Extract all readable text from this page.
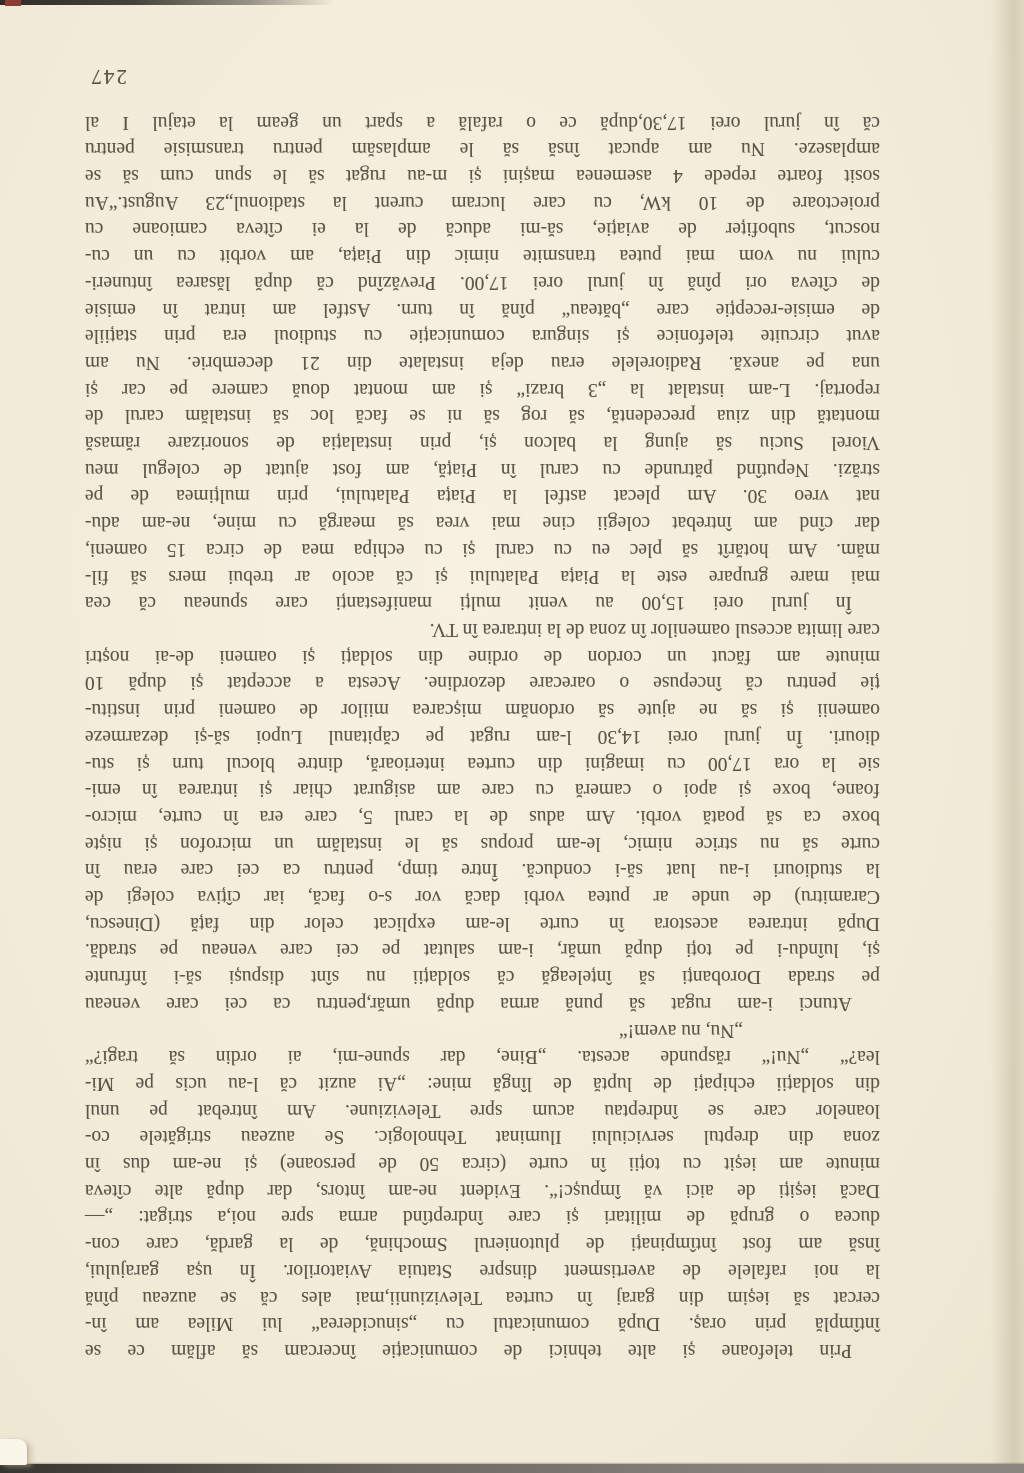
Prin telefoane și alte tehnici de comunicație încercam să aflăm ce se
întîmplă prin oraș. După comunicatul cu „sinuciderea“ lui Milea am în-
cercat să ieșim din garaj în curtea Televiziunii,mai ales că se auzeau pînă
la noi rafalele de avertisment dinspre Statuia Aviatorilor. În ușa garajului,
însă am fost întîmpinați de plutonierul Smochină, de la gardă, care con-
ducea o grupă de militari și care îndreptînd arma spre noi,a strigat: „—
Dacă ieșiți de aici vă împușc!“. Evident ne-am întors, dar după alte cîteva
minute am ieșit cu toții în curte (circa 50 de persoane) și ne-am dus în
zona din dreptul serviciului Iluminat Tehnologic. Se auzeau strigătele co-
loanelor care se îndreptau acum spre Televiziune. Am întrebat pe unul
din soldații echipați de luptă de lîngă mine: „Ai auzit că l-au ucis pe Mi-
lea?“ „Nu!“ răspunde acesta. „Bine, dar spune-mi, ai ordin să tragi?“
„Nu, nu avem!“
Atunci i-am rugat să pună arma după umăr,pentru ca cei care veneau
pe strada Dorobanți să înțeleagă că soldații nu sînt dispuși să-i înfrunte
și, luîndu-i pe toți după umăr, i-am salutat pe cei care veneau pe stradă.
După intrarea acestora în curte le-am explicat celor din față (Dinescu,
Caramitru) de unde ar putea vorbi dacă vor s-o facă, iar cîțiva colegi de
la studiouri i-au luat să-i conducă. Între timp, pentru ca cei care erau în
curte să nu strice nimic, le-am propus să le instalăm un microfon și niște
boxe ca să poată vorbi. Am adus de la carul 5, care era în curte, micro-
foane, boxe și apoi o cameră cu care am asigurat chiar și intrarea în emi-
sie la ora 17,00 cu imagini din curtea interioară, dintre blocul turn și stu-
diouri. În jurul orei 14,30 l-am rugat pe căpitanul Lupoi să-și dezarmeze
oamenii și să ne ajute să ordonăm mișcarea miilor de oameni prin institu-
ție pentru că începuse o oarecare dezordine. Acesta a acceptat și după 10
minute am făcut un cordon de ordine din soldați și oameni de-ai noștri
care limita accesul oamenilor în zona de la intrarea în TV.
În jurul orei 15,00 au venit mulți manifestanți care spuneau că cea
mai mare grupare este la Piața Palatului și că acolo ar trebui mers să fil-
măm. Am hotărît să plec eu cu carul și cu echipa mea de circa 15 oameni,
dar cînd am întrebat colegii cine mai vrea să meargă cu mine, ne-am adu-
nat vreo 30. Am plecat astfel la Piața Palatului, prin mulțimea de pe
străzi. Neputînd pătrunde cu carul în Piață, am fost ajutat de colegul meu
Viorel Suciu să ajung la balcon și, prin instalația de sonorizare rămasă
montată din ziua precedentă, să rog să ni se facă loc să instalăm carul de
reportaj. L-am instalat la „3 brazi“ și am montat două camere pe car și
una pe anexă. Radiorelele erau deja instalate din 21 decembrie. Nu am
avut circuite telefonice și singura comunicație cu studioul era prin stațiile
de emisie-recepție care „băteau“ pînă în turn. Astfel am intrat în emisie
de cîteva ori pînă în jurul orei 17,00. Prevăzînd că după lăsarea întuneri-
cului nu vom mai putea transmite nimic din Piața, am vorbit cu un cu-
noscut, subofițer de aviație, să-mi aducă de la ei cîteva camioane cu
proiectoare de 10 kW, cu care lucram curent la stadionul„23 August.“Au
sosit foarte repede 4 asemenea mașini și m-au rugat să le spun cum să se
amplaseze. Nu am apucat însă să le amplasăm pentru transmisie pentru
că în jurul orei 17,30,după ce o rafală a spart un geam la etajul I al
247
